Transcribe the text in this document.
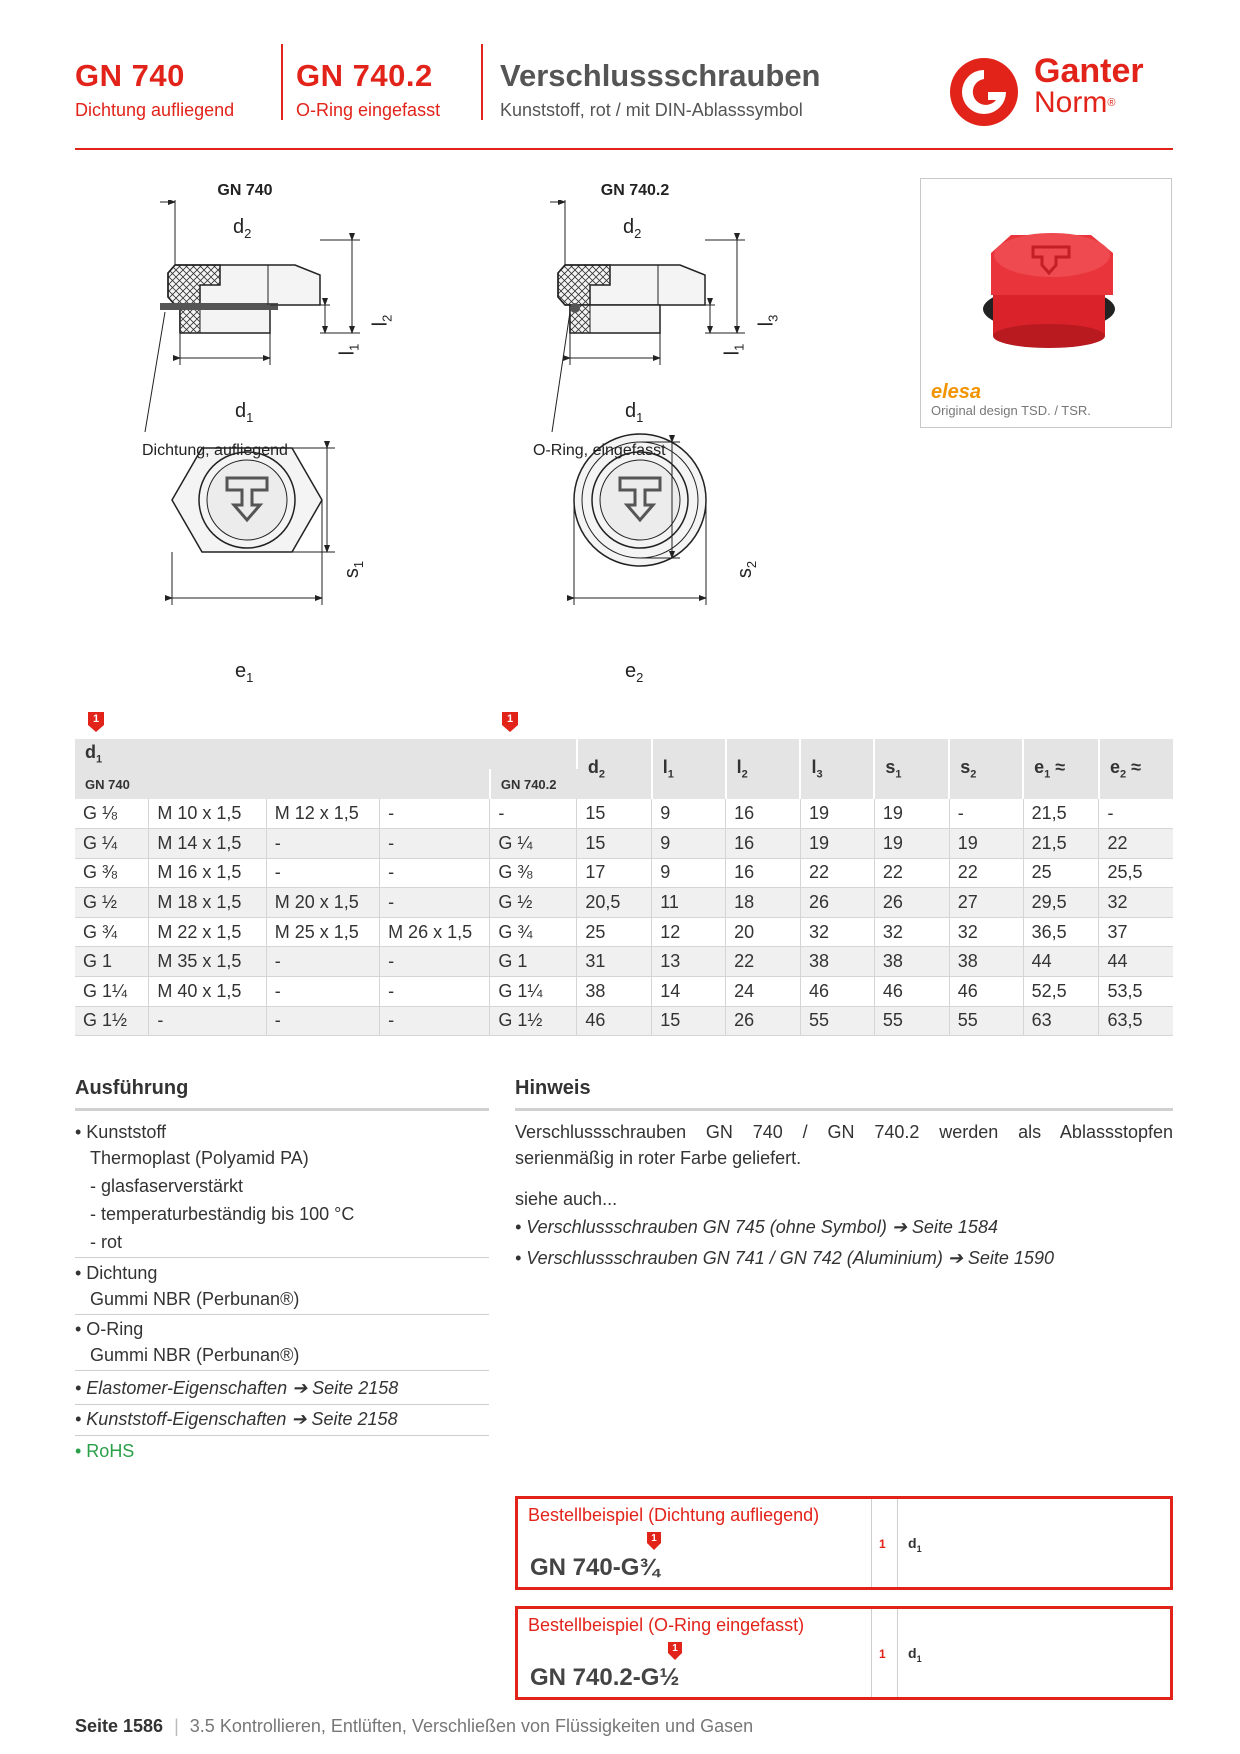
GN 740
Dichtung aufliegend
GN 740.2
O-Ring eingefasst
Verschlussschrauben
Kunststoff, rot / mit DIN-Ablasssymbol
Ganter
Norm®
GN 740	GN 740.2
$d_2$
$d_1$
$l_1$
$l_2$
Dichtung, aufliegend
$d_2$
$d_1$
$l_1$
$l_3$
O-Ring, eingefasst
$s_1$
$e_1$
$s_2$
$e_2$
elesa
Original design TSD. / TSR.
1	1
$d_1$					$d_2$	$l_1$	$l_2$	$l_3$	$s_1$	$s_2$	$e_1$ ≈	$e_2$ ≈
GN 740				GN 740.2								
G ⅛	M 10 x 1,5	M 12 x 1,5	-	-	15	9	16	19	19	-	21,5	-
G ¼	M 14 x 1,5	-	-	G ¼	15	9	16	19	19	19	21,5	22
G ⅜	M 16 x 1,5	-	-	G ⅜	17	9	16	22	22	22	25	25,5
G ½	M 18 x 1,5	M 20 x 1,5	-	G ½	20,5	11	18	26	26	27	29,5	32
G ¾	M 22 x 1,5	M 25 x 1,5	M 26 x 1,5	G ¾	25	12	20	32	32	32	36,5	37
G 1	M 35 x 1,5	-	-	G 1	31	13	22	38	38	38	44	44
G 1¼	M 40 x 1,5	-	-	G 1¼	38	14	24	46	46	46	52,5	53,5
G 1½	-	-	-	G 1½	46	15	26	55	55	55	63	63,5
Ausführung
• Kunststoff
Thermoplast (Polyamid PA)
- glasfaserverstärkt
- temperaturbeständig bis 100 °C
- rot
• Dichtung
Gummi NBR (Perbunan®)
• O-Ring
Gummi NBR (Perbunan®)
• Elastomer-Eigenschaften ➔ Seite 2158
• Kunststoff-Eigenschaften ➔ Seite 2158
• RoHS
Hinweis
Verschlussschrauben GN 740 / GN 740.2 werden als Ablassstopfen
serienmäßig in roter Farbe geliefert.
siehe auch...
• Verschlussschrauben GN 745 (ohne Symbol) ➔ Seite 1584
• Verschlussschrauben GN 741 / GN 742 (Aluminium) ➔ Seite 1590
Bestellbeispiel (Dichtung aufliegend)
1
GN 740-G¾
1 $d_1$
Bestellbeispiel (O-Ring eingefasst)
1
GN 740.2-G½
1 $d_1$
Seite 1586 | 3.5 Kontrollieren, Entlüften, Verschließen von Flüssigkeiten und Gasen
